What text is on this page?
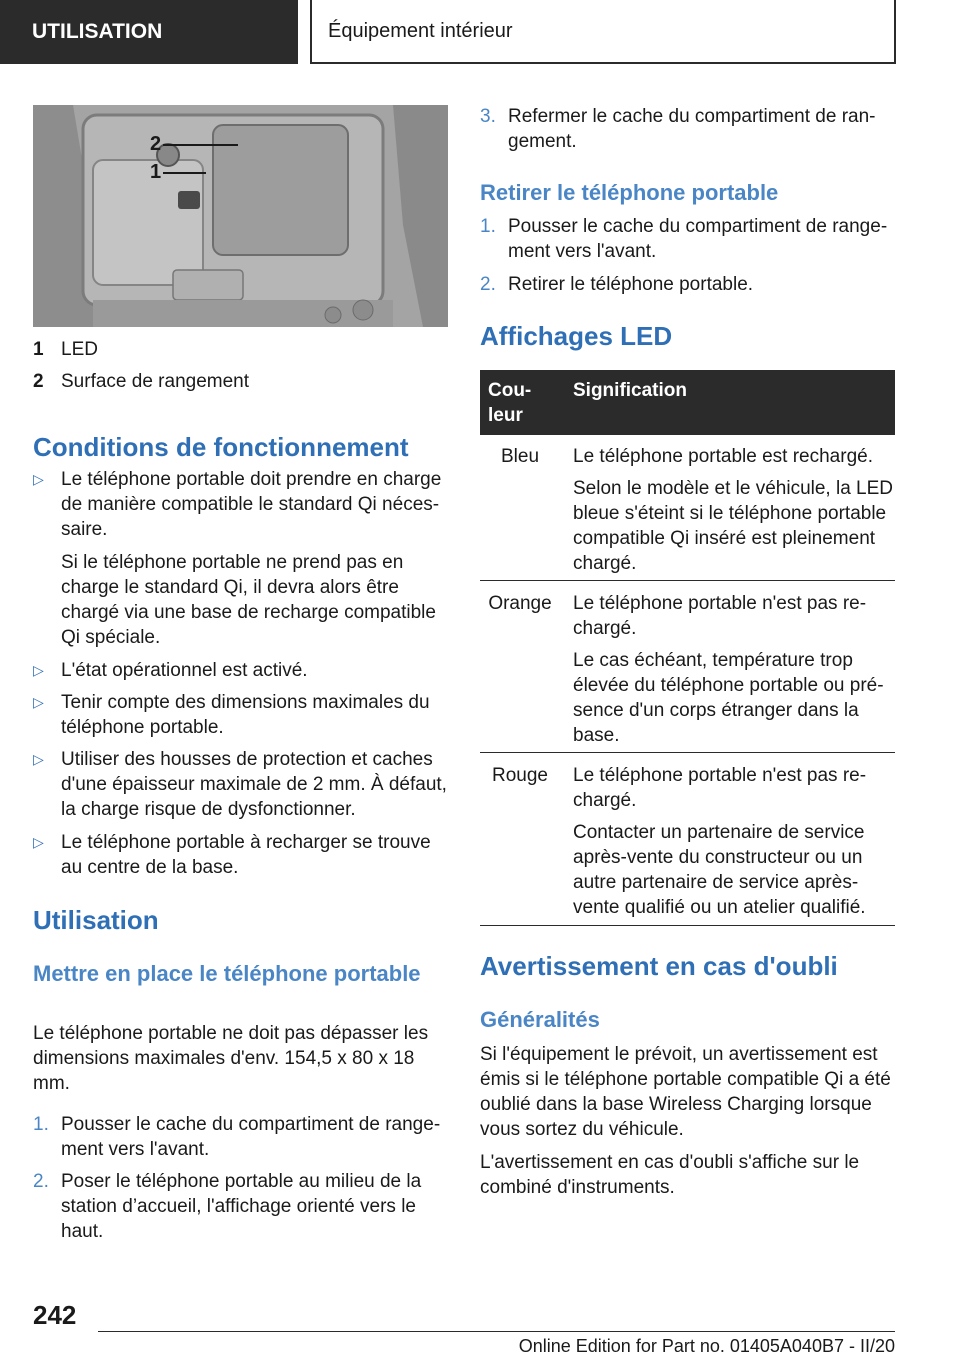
UTILISATION	Équipement intérieur
2
1
1 LED
2 Surface de rangement
Conditions de fonctionnement
▷ Le téléphone portable doit prendre en charge de manière compatible le standard Qi néces-saire.
Si le téléphone portable ne prend pas en charge le standard Qi, il devra alors être chargé via une base de recharge compatible Qi spéciale.
▷ L'état opérationnel est activé.
▷ Tenir compte des dimensions maximales du téléphone portable.
▷ Utiliser des housses de protection et caches d'une épaisseur maximale de 2 mm. À défaut, la charge risque de dysfonctionner.
▷ Le téléphone portable à recharger se trouve au centre de la base.
Utilisation
Mettre en place le téléphone portable

Le téléphone portable ne doit pas dépasser les dimensions maximales d'env. 154,5 x 80 x 18 mm.

1. Pousser le cache du compartiment de range-ment vers l'avant.
2. Poser le téléphone portable au milieu de la station d’accueil, l'affichage orienté vers le haut.
3. Refermer le cache du compartiment de ran-gement.
Retirer le téléphone portable
1. Pousser le cache du compartiment de range-ment vers l'avant.
2. Retirer le téléphone portable.
Affichages LED
Cou-leur
Signification
Bleu	Le téléphone portable est rechargé.
Selon le modèle et le véhicule, la LED bleue s'éteint si le téléphone portable compatible Qi inséré est pleinement chargé.
Orange	Le téléphone portable n'est pas re-chargé.
Le cas échéant, température trop élevée du téléphone portable ou pré-sence d'un corps étranger dans la base.
Rouge	Le téléphone portable n'est pas re-chargé.
Contacter un partenaire de service après-vente du constructeur ou un autre partenaire de service après-vente qualifié ou un atelier qualifié.
Avertissement en cas d'oubli
Généralités

Si l'équipement le prévoit, un avertissement est émis si le téléphone portable compatible Qi a été oublié dans la base Wireless Charging lorsque vous sortez du véhicule.

L'avertissement en cas d'oubli s'affiche sur le combiné d'instruments.

242
Online Edition for Part no. 01405A040B7 - II/20
